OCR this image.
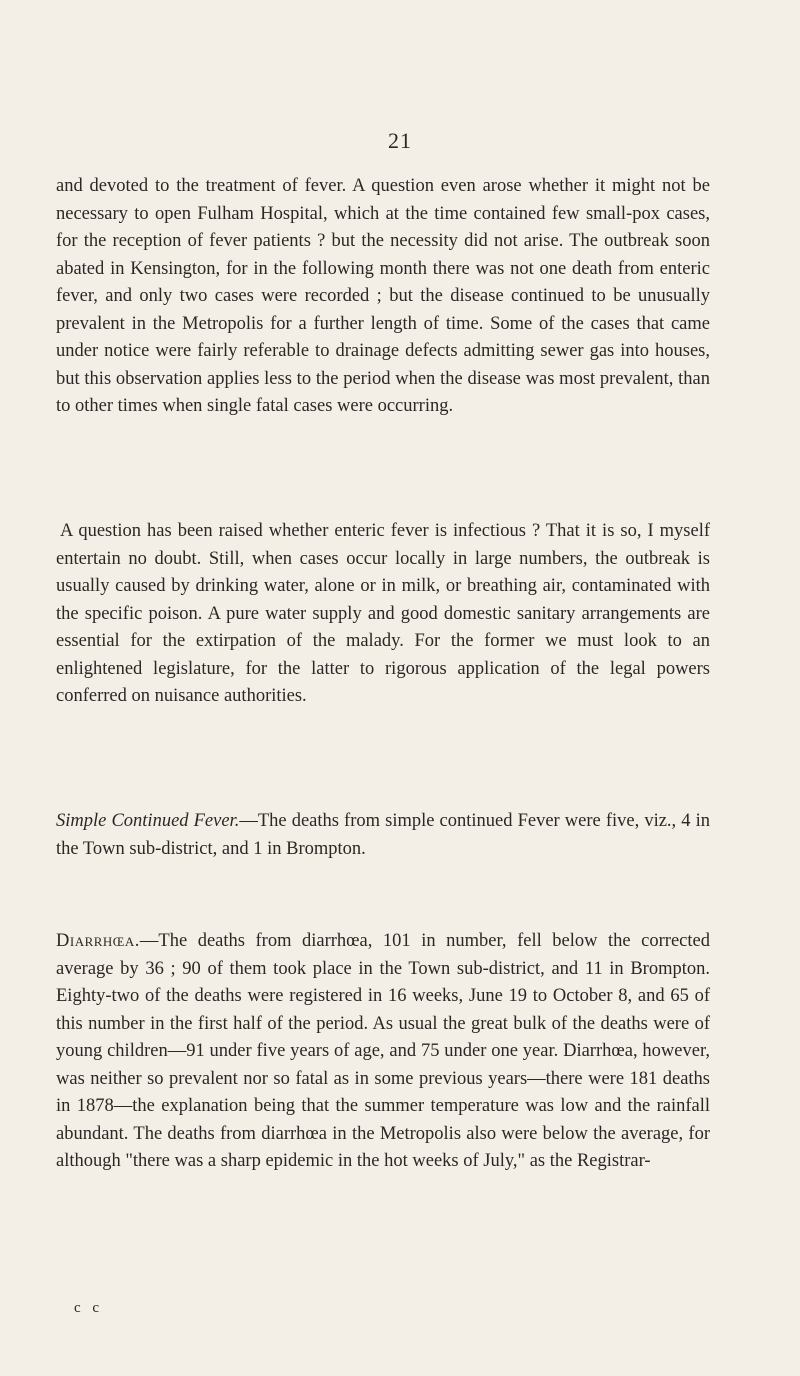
21

and devoted to the treatment of fever. A question even arose whether it might not be necessary to open Fulham Hospital, which at the time contained few small-pox cases, for the reception of fever patients ? but the necessity did not arise. The outbreak soon abated in Kensington, for in the following month there was not one death from enteric fever, and only two cases were recorded ; but the disease continued to be unusually prevalent in the Metropolis for a further length of time. Some of the cases that came under notice were fairly referable to drainage defects admitting sewer gas into houses, but this observation applies less to the period when the disease was most prevalent, than to other times when single fatal cases were occurring.

A question has been raised whether enteric fever is infectious ? That it is so, I myself entertain no doubt. Still, when cases occur locally in large numbers, the outbreak is usually caused by drinking water, alone or in milk, or breathing air, contaminated with the specific poison. A pure water supply and good domestic sanitary arrangements are essential for the extirpation of the malady. For the former we must look to an enlightened legislature, for the latter to rigorous application of the legal powers conferred on nuisance authorities.

Simple Continued Fever.—The deaths from simple continued Fever were five, viz., 4 in the Town sub-district, and 1 in Brompton.

Diarrhœa.—The deaths from diarrhœa, 101 in number, fell below the corrected average by 36 ; 90 of them took place in the Town sub-district, and 11 in Brompton. Eighty-two of the deaths were registered in 16 weeks, June 19 to October 8, and 65 of this number in the first half of the period. As usual the great bulk of the deaths were of young children—91 under five years of age, and 75 under one year. Diarrhœa, however, was neither so prevalent nor so fatal as in some previous years—there were 181 deaths in 1878—the explanation being that the summer temperature was low and the rainfall abundant. The deaths from diarrhœa in the Metropolis also were below the average, for although "there was a sharp epidemic in the hot weeks of July," as the Registrar-

c c
